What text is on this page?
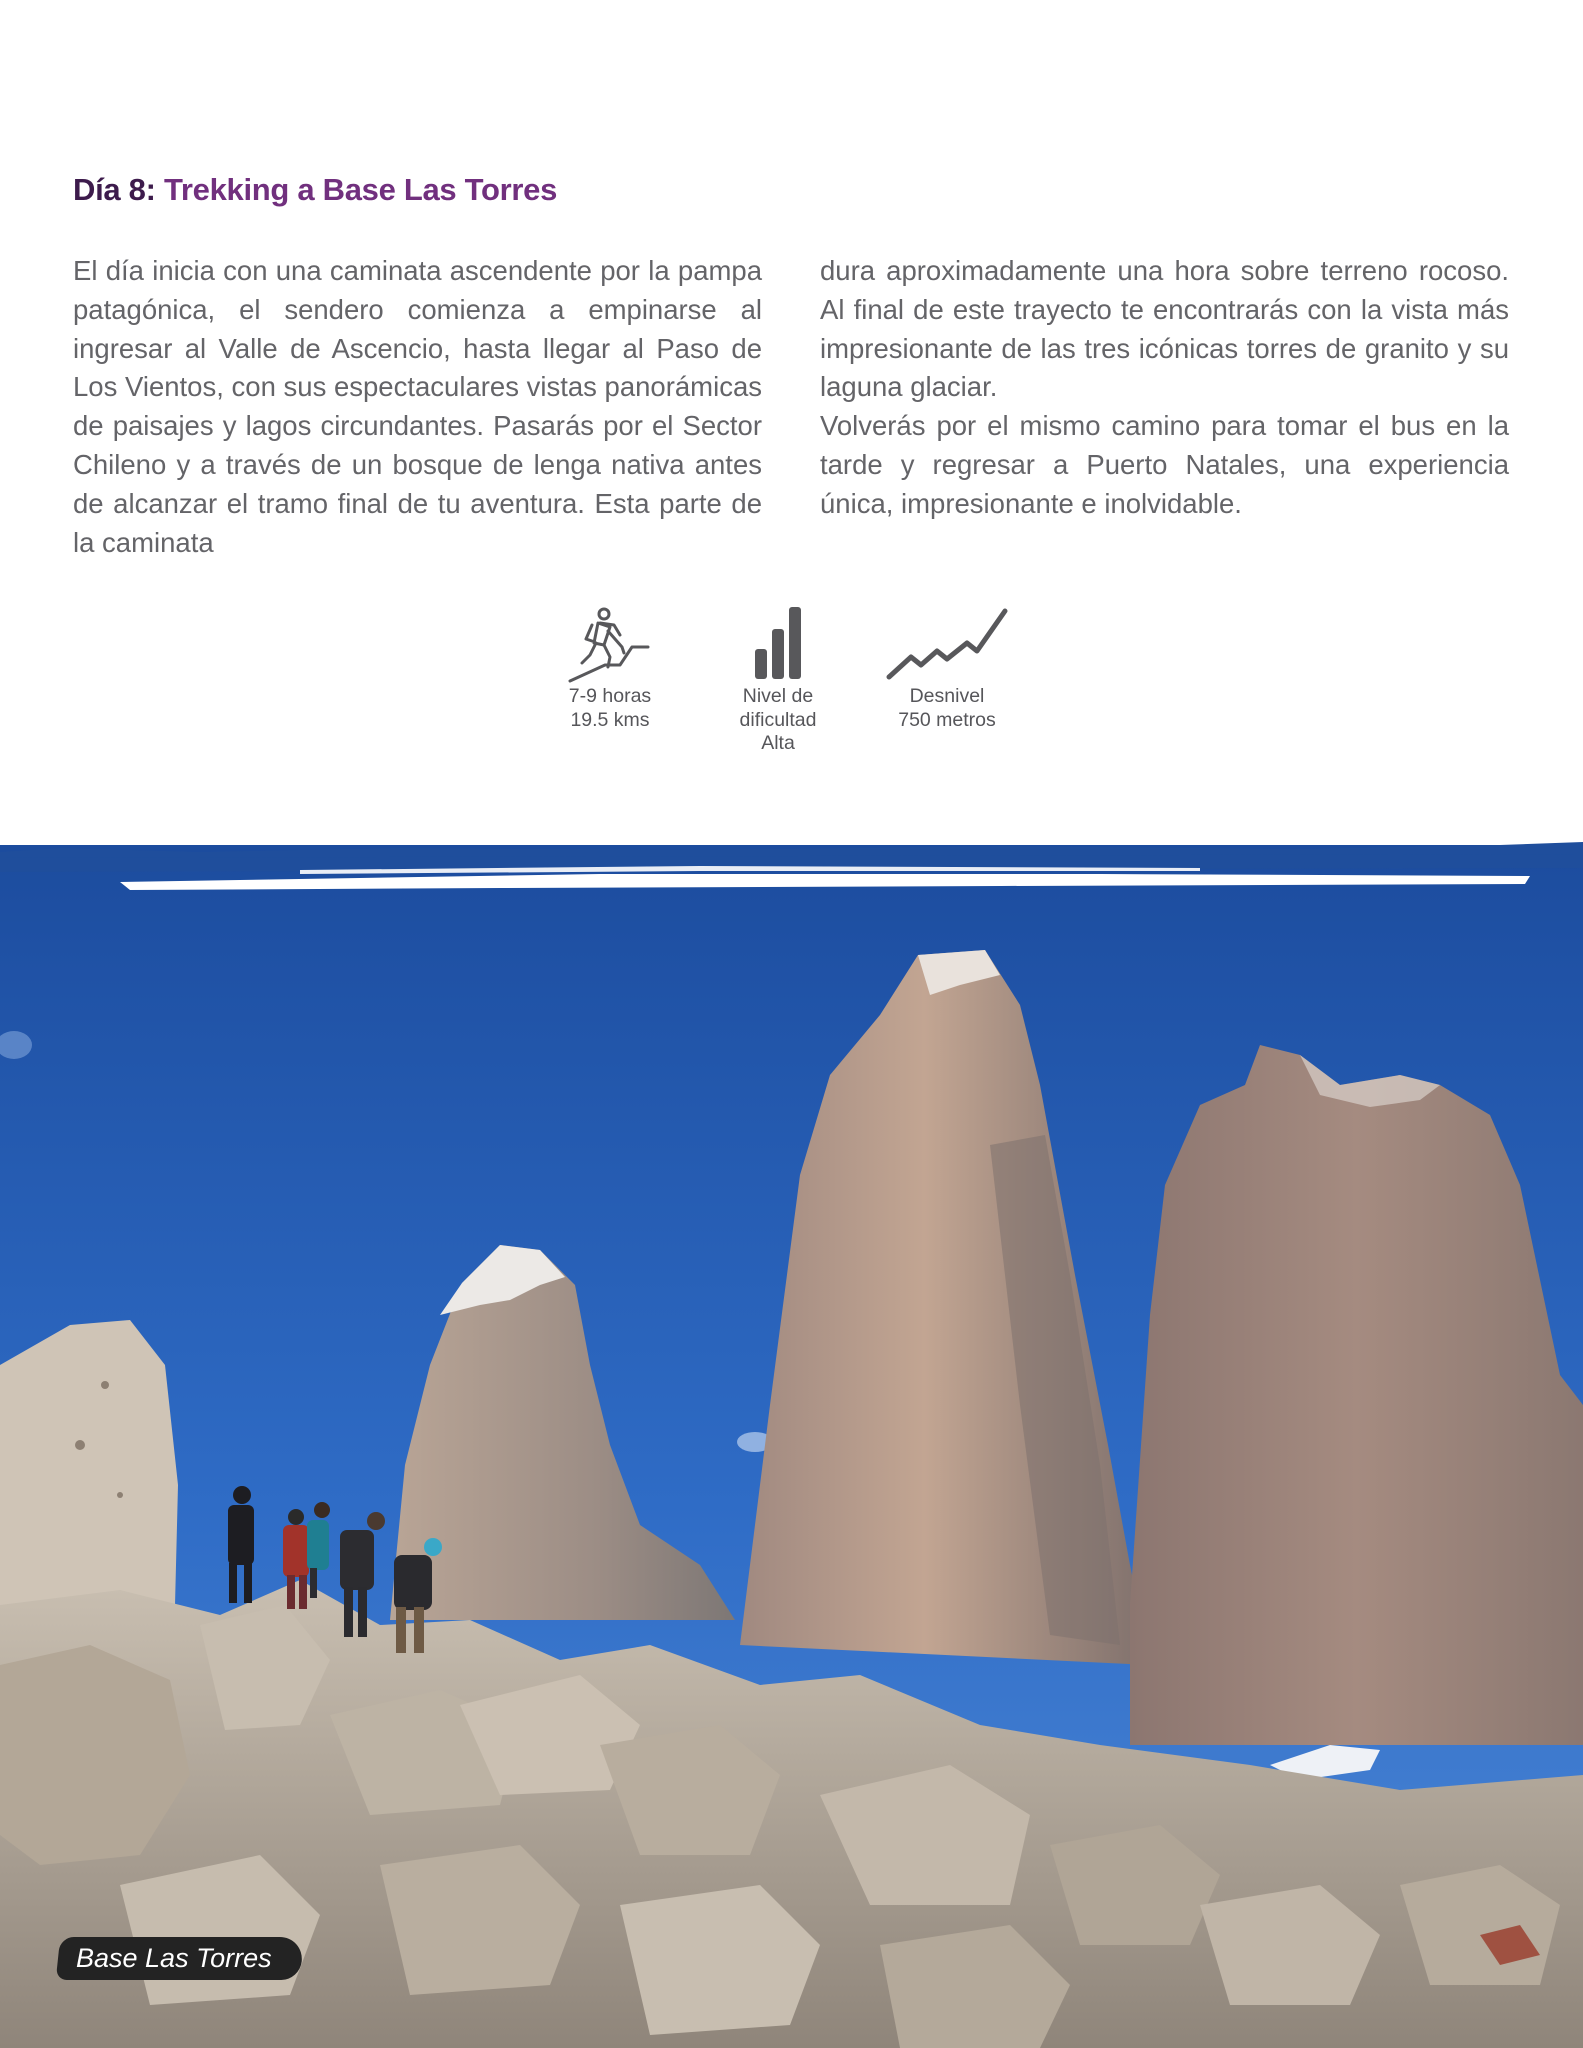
Día 8: Trekking a Base Las Torres

El día inicia con una caminata ascendente por la pampa patagónica, el sendero comienza a empinarse al ingresar al Valle de Ascencio, hasta llegar al Paso de Los Vientos, con sus espectaculares vistas panorámicas de paisajes y lagos circundantes. Pasarás por el Sector Chileno y a través de un bosque de lenga nativa antes de alcanzar el tramo final de tu aventura. Esta parte de la caminata

dura aproximadamente una hora sobre terreno rocoso. Al final de este trayecto te encontrarás con la vista más impresionante de las tres icónicas torres de granito y su laguna glaciar.

Volverás por el mismo camino para tomar el bus en la tarde y regresar a Puerto Natales, una experiencia única, impresionante e inolvidable.

7-9 horas
19.5 kms
Nivel de
dificultad
Alta
Desnivel
750 metros
Base Las Torres
